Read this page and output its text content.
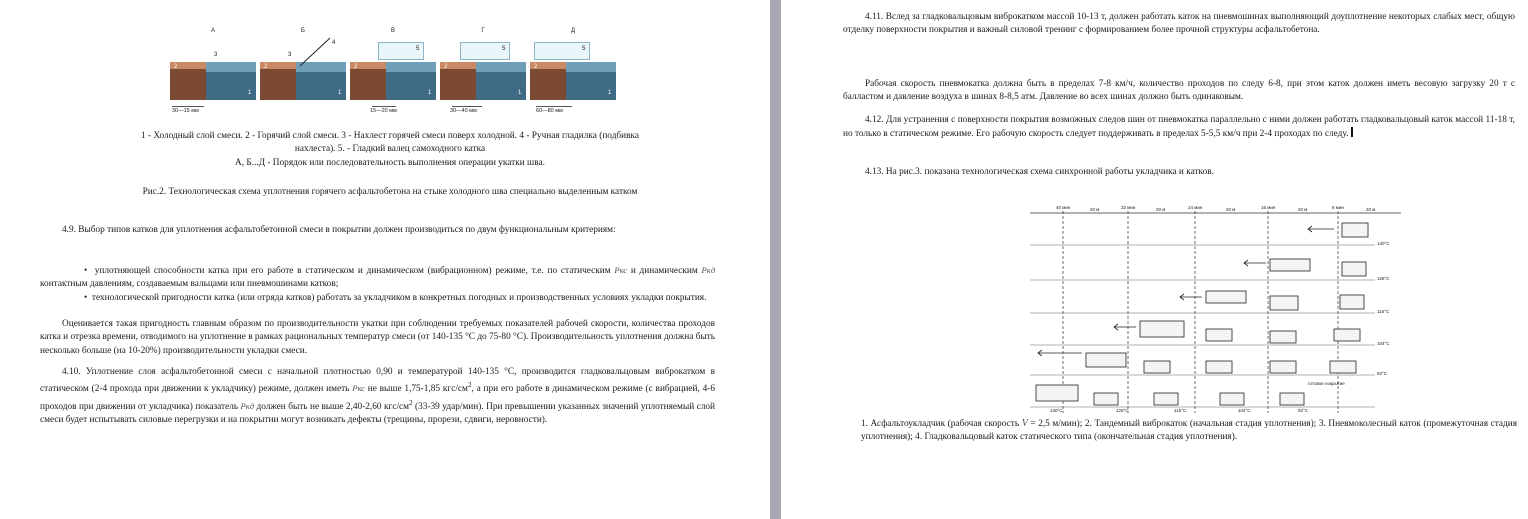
А
2
1
3
30—15 мм
Б
2
3
4
1
В
5
2
1
15—20 мм
Г
5
2
1
30—40 мм
Д
5
2
1
60—80 мм
1 - Холодный слой смеси. 2 - Горячий слой смеси. 3 - Нахлест горячей смеси поверх холодной. 4 - Ручная гладилка (подбивка
нахлеста). 5. - Гладкий валец самоходного катка
А, Б...Д - Порядок или последовательность выполнения операции укатки шва.
Рис.2. Технологическая схема уплотнения горячего асфальтобетона на стыке холодного шва специально выделенным катком
4.9. Выбор типов катков для уплотнения асфальтобетонной смеси в покрытии должен производиться по двум функциональным критериям:
•  уплотняющей способности катка при его работе в статическом и динамическом (вибрационном) режиме, т.е. по статическим Pкс и динамическим Pкд контактным давлениям, создаваемым вальцами или пневмошинами катков;
•  технологической пригодности катка (или отряда катков) работать за укладчиком в конкретных погодных и производственных условиях укладки покрытия.
Оценивается такая пригодность главным образом по производительности укатки при соблюдении требуемых показателей рабочей скорости, количества проходов катка и отрезка времени, отводимого на уплотнение в рамках рациональных температур смеси (от 140-135 °С до 75-80 °С). Производительность уплотнения должна быть несколько больше (на 10-20%) производительности укладки смеси.
4.10. Уплотнение слоя асфальтобетонной смеси с начальной плотностью 0,90 и температурой 140-135 °С, производится гладковальцовым виброкатком в статическом (2-4 прохода при движении к укладчику) режиме, должен иметь Pкс не выше 1,75-1,85 кгс/$см^2$, а при его работе в динамическом режиме (с вибрацией, 4-6 проходов при движении от укладчика) показатель Pкд должен быть не выше 2,40-2,60 кгс/$см^2$ (33-39 удар/мин). При превышении указанных значений уплотняемый слой смеси будет испытывать силовые перегрузки и на покрытии могут возникать дефекты (трещины, прорези, сдвиги, неровности).
4.11. Вслед за гладковальцовым виброкатком массой 10-13 т, должен работать каток на пневмошинах выполняющий доуплотнение некоторых слабых мест, общую отделку поверхности покрытия и важный силовой тренинг с формированием более прочной структуры асфальтобетона.
Рабочая скорость пневмокатка должна быть в пределах 7-8 км/ч, количество проходов по следу 6-8, при этом каток должен иметь весовую загрузку 20 т с балластом и давление воздуха в шинах 8-8,5 атм. Давление во всех шинах должно быть одинаковым.
4.12. Для устранения с поверхности покрытия возможных следов шин от пневмокатка параллельно с ними должен работать гладковальцовый каток массой 11-18 т, но только в статическом режиме. Его рабочую скорость следует поддерживать в пределах 5-5,5 км/ч при 2-4 проходах по следу.
4.13. На рис.3. показана технологическая схема синхронной работы укладчика и катков.
40 мин	32 мин	24 мин	16 мин	8 мин
20 м	20 м	20 м	20 м	20 м
140°C
128°C
116°C
104°C
92°C
140°C	128°C	116°C	104°C	92°C
готовое покрытие
1. Асфальтоукладчик (рабочая скорость V = 2,5 м/мин); 2. Тандемный виброкаток (начальная стадия уплотнения); 3. Пневмоколесный каток (промежуточная стадия уплотнения); 4. Гладковальцовый каток статического типа (окончательная стадия уплотнения).
